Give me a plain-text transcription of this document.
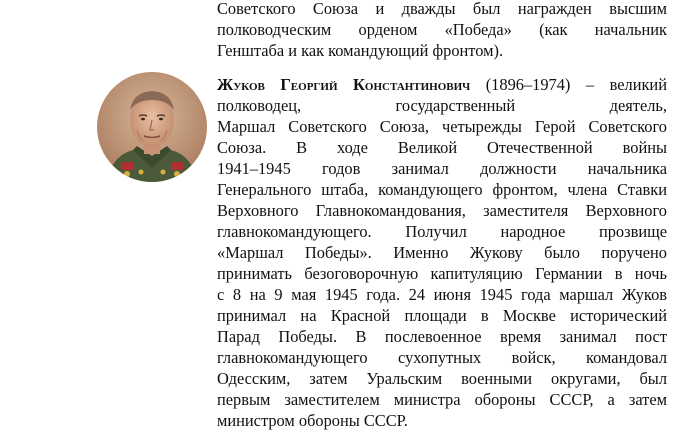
Советского Союза и дважды был награжден высшим
полководческим орденом «Победа» (как начальник
Генштаба и как командующий фронтом).
Жуков Георгий Константинович (1896–1974) – великий
полководец, государственный деятель,
Маршал Советского Союза, четырежды Герой Советского
Союза. В ходе Великой Отечественной войны
1941–1945 годов занимал должности начальника
Генерального штаба, командующего фронтом, члена Ставки
Верховного Главнокомандования, заместителя Верховного
главнокомандующего. Получил народное прозвище
«Маршал Победы». Именно Жукову было поручено
принимать безоговорочную капитуляцию Германии в ночь
с 8 на 9 мая 1945 года. 24 июня 1945 года маршал Жуков
принимал на Красной площади в Москве исторический
Парад Победы. В послевоенное время занимал пост
главнокомандующего сухопутных войск, командовал
Одесским, затем Уральским военными округами, был
первым заместителем министра обороны СССР, а затем
министром обороны СССР.
